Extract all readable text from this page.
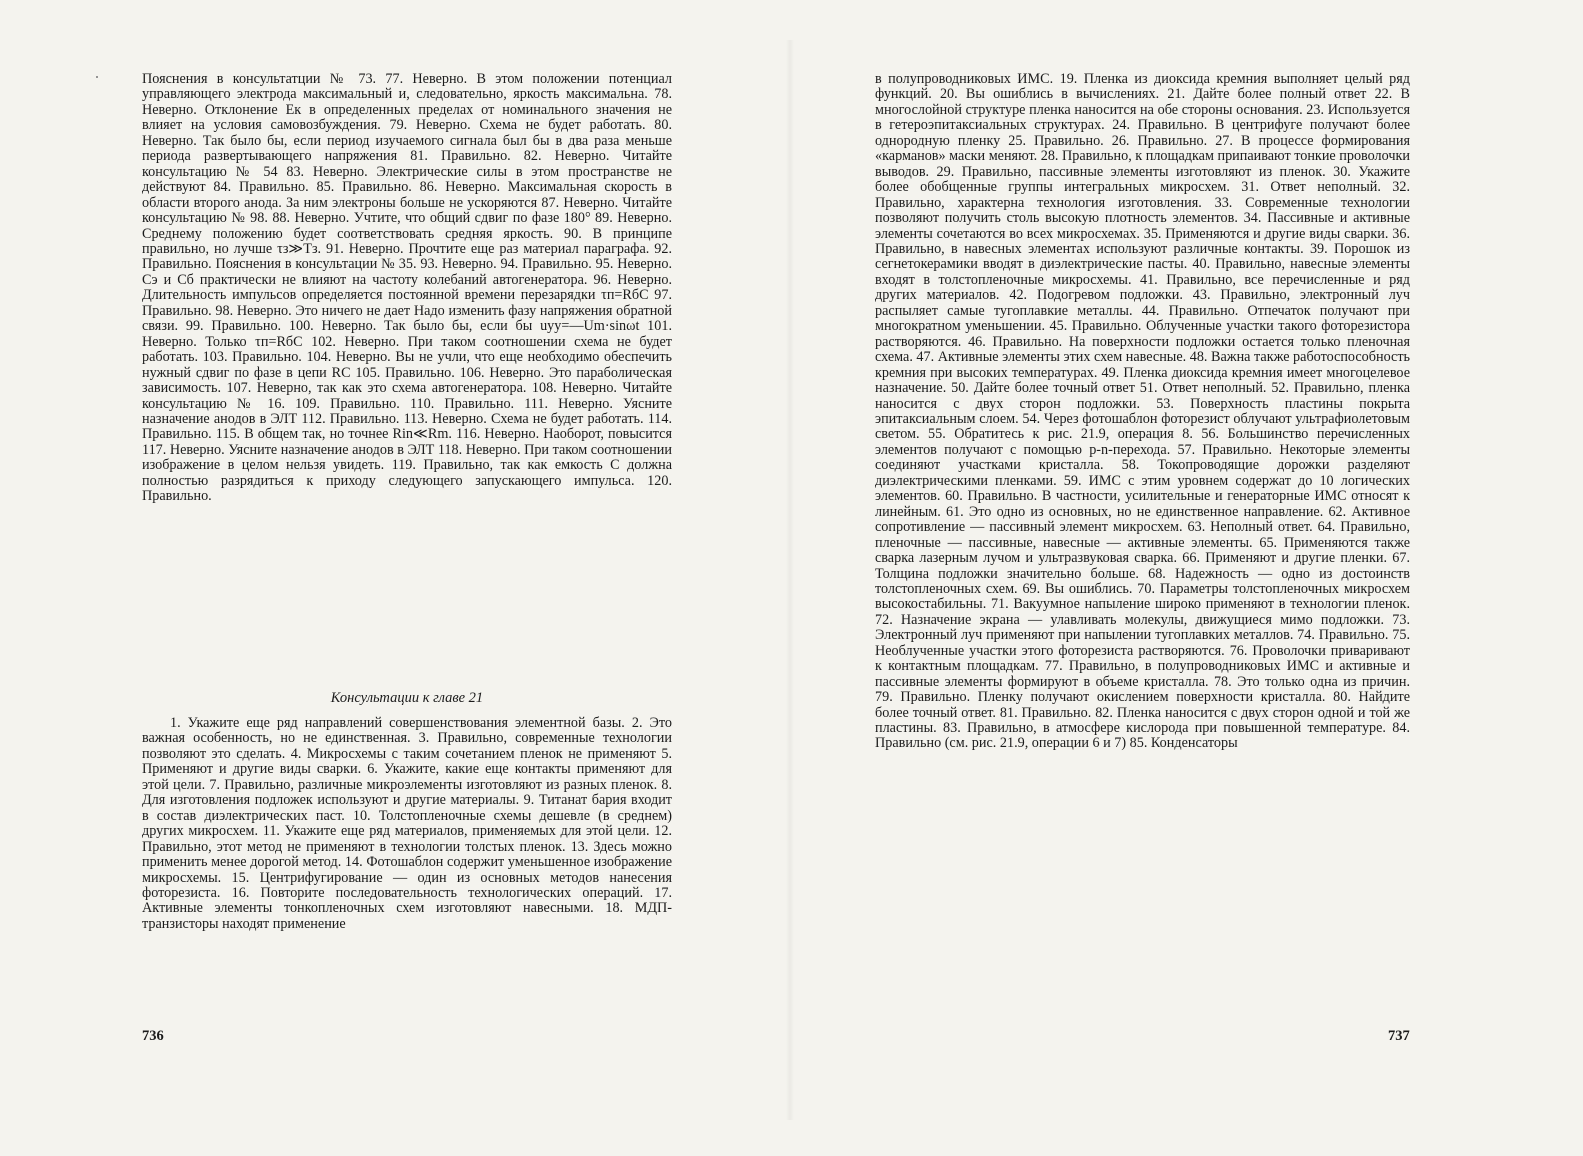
Пояснения в консультатции № 73. 77. Неверно. В этом положении потенциал управляющего электрода максимальный и, следовательно, яркость максимальна. 78. Неверно. Отклонение Eк в определенных пределах от номинального значения не влияет на условия самовозбуждения. 79. Неверно. Схема не будет работать. 80. Неверно. Так было бы, если период изучаемого сигнала был бы в два раза меньше периода развертывающего напряжения 81. Правильно. 82. Неверно. Читайте консультацию № 54 83. Неверно. Электрические силы в этом пространстве не действуют 84. Правильно. 85. Правильно. 86. Неверно. Максимальная скорость в области второго анода. За ним электроны больше не ускоряются 87. Неверно. Читайте консультацию № 98. 88. Неверно. Учтите, что общий сдвиг по фазе 180° 89. Неверно. Среднему положению будет соответствовать средняя яркость. 90. В принципе правильно, но лучше τз≫Tз. 91. Неверно. Прочтите еще раз материал параграфа. 92. Правильно. Пояснения в консультации № 35. 93. Неверно. 94. Правильно. 95. Неверно. Cэ и Cб практически не влияют на частоту колебаний автогенератора. 96. Неверно. Длительность импульсов определяется постоянной времени перезарядки τп=RбC 97. Правильно. 98. Неверно. Это ничего не дает Надо изменить фазу напряжения обратной связи. 99. Правильно. 100. Неверно. Так было бы, если бы uуу=—Um·sinωt 101. Неверно. Только τп=RбC 102. Неверно. При таком соотношении схема не будет работать. 103. Правильно. 104. Неверно. Вы не учли, что еще необходимо обеспечить нужный сдвиг по фазе в цепи RC 105. Правильно. 106. Неверно. Это параболическая зависимость. 107. Неверно, так как это схема автогенератора. 108. Неверно. Читайте консультацию № 16. 109. Правильно. 110. Правильно. 111. Неверно. Уясните назначение анодов в ЭЛТ 112. Правильно. 113. Неверно. Схема не будет работать. 114. Правильно. 115. В общем так, но точнее Rin≪Rm. 116. Неверно. Наоборот, повысится 117. Неверно. Уясните назначение анодов в ЭЛТ 118. Неверно. При таком соотношении изображение в целом нельзя увидеть. 119. Правильно, так как емкость C должна полностью разрядиться к приходу следующего запускающего импульса. 120. Правильно.

Консультации к главе 21

1. Укажите еще ряд направлений совершенствования элементной базы. 2. Это важная особенность, но не единственная. 3. Правильно, современные технологии позволяют это сделать. 4. Микросхемы с таким сочетанием пленок не применяют 5. Применяют и другие виды сварки. 6. Укажите, какие еще контакты применяют для этой цели. 7. Правильно, различные микроэлементы изготовляют из разных пленок. 8. Для изготовления подложек используют и другие материалы. 9. Титанат бария входит в состав диэлектрических паст. 10. Толстопленочные схемы дешевле (в среднем) других микросхем. 11. Укажите еще ряд материалов, применяемых для этой цели. 12. Правильно, этот метод не применяют в технологии толстых пленок. 13. Здесь можно применить менее дорогой метод. 14. Фотошаблон содержит уменьшенное изображение микросхемы. 15. Центрифугирование — один из основных методов нанесения фоторезиста. 16. Повторите последовательность технологических операций. 17. Активные элементы тонкопленочных схем изготовляют навесными. 18. МДП-транзисторы находят применение

736

в полупроводниковых ИМС. 19. Пленка из диоксида кремния выполняет целый ряд функций. 20. Вы ошиблись в вычислениях. 21. Дайте более полный ответ 22. В многослойной структуре пленка наносится на обе стороны основания. 23. Используется в гетероэпитаксиальных структурах. 24. Правильно. В центрифуге получают более однородную пленку 25. Правильно. 26. Правильно. 27. В процессе формирования «карманов» маски меняют. 28. Правильно, к площадкам припаивают тонкие проволочки выводов. 29. Правильно, пассивные элементы изготовляют из пленок. 30. Укажите более обобщенные группы интегральных микросхем. 31. Ответ неполный. 32. Правильно, характерна технология изготовления. 33. Современные технологии позволяют получить столь высокую плотность элементов. 34. Пассивные и активные элементы сочетаются во всех микросхемах. 35. Применяются и другие виды сварки. 36. Правильно, в навесных элементах используют различные контакты. 39. Порошок из сегнетокерамики вводят в диэлектрические пасты. 40. Правильно, навесные элементы входят в толстопленочные микросхемы. 41. Правильно, все перечисленные и ряд других материалов. 42. Подогревом подложки. 43. Правильно, электронный луч распыляет самые тугоплавкие металлы. 44. Правильно. Отпечаток получают при многократном уменьшении. 45. Правильно. Облученные участки такого фоторезистора растворяются. 46. Правильно. На поверхности подложки остается только пленочная схема. 47. Активные элементы этих схем навесные. 48. Важна также работоспособность кремния при высоких температурах. 49. Пленка диоксида кремния имеет многоцелевое назначение. 50. Дайте более точный ответ 51. Ответ неполный. 52. Правильно, пленка наносится с двух сторон подложки. 53. Поверхность пластины покрыта эпитаксиальным слоем. 54. Через фотошаблон фоторезист облучают ультрафиолетовым светом. 55. Обратитесь к рис. 21.9, операция 8. 56. Большинство перечисленных элементов получают с помощью p-n-перехода. 57. Правильно. Некоторые элементы соединяют участками кристалла. 58. Токопроводящие дорожки разделяют диэлектрическими пленками. 59. ИМС с этим уровнем содержат до 10 логических элементов. 60. Правильно. В частности, усилительные и генераторные ИМС относят к линейным. 61. Это одно из основных, но не единственное направление. 62. Активное сопротивление — пассивный элемент микросхем. 63. Неполный ответ. 64. Правильно, пленочные — пассивные, навесные — активные элементы. 65. Применяются также сварка лазерным лучом и ультразвуковая сварка. 66. Применяют и другие пленки. 67. Толщина подложки значительно больше. 68. Надежность — одно из достоинств толстопленочных схем. 69. Вы ошиблись. 70. Параметры толстопленочных микросхем высокостабильны. 71. Вакуумное напыление широко применяют в технологии пленок. 72. Назначение экрана — улавливать молекулы, движущиеся мимо подложки. 73. Электронный луч применяют при напылении тугоплавких металлов. 74. Правильно. 75. Необлученные участки этого фоторезиста растворяются. 76. Проволочки приваривают к контактным площадкам. 77. Правильно, в полупроводниковых ИМС и активные и пассивные элементы формируют в объеме кристалла. 78. Это только одна из причин. 79. Правильно. Пленку получают окислением поверхности кристалла. 80. Найдите более точный ответ. 81. Правильно. 82. Пленка наносится с двух сторон одной и той же пластины. 83. Правильно, в атмосфере кислорода при повышенной температуре. 84. Правильно (см. рис. 21.9, операции 6 и 7) 85. Конденсаторы

737
